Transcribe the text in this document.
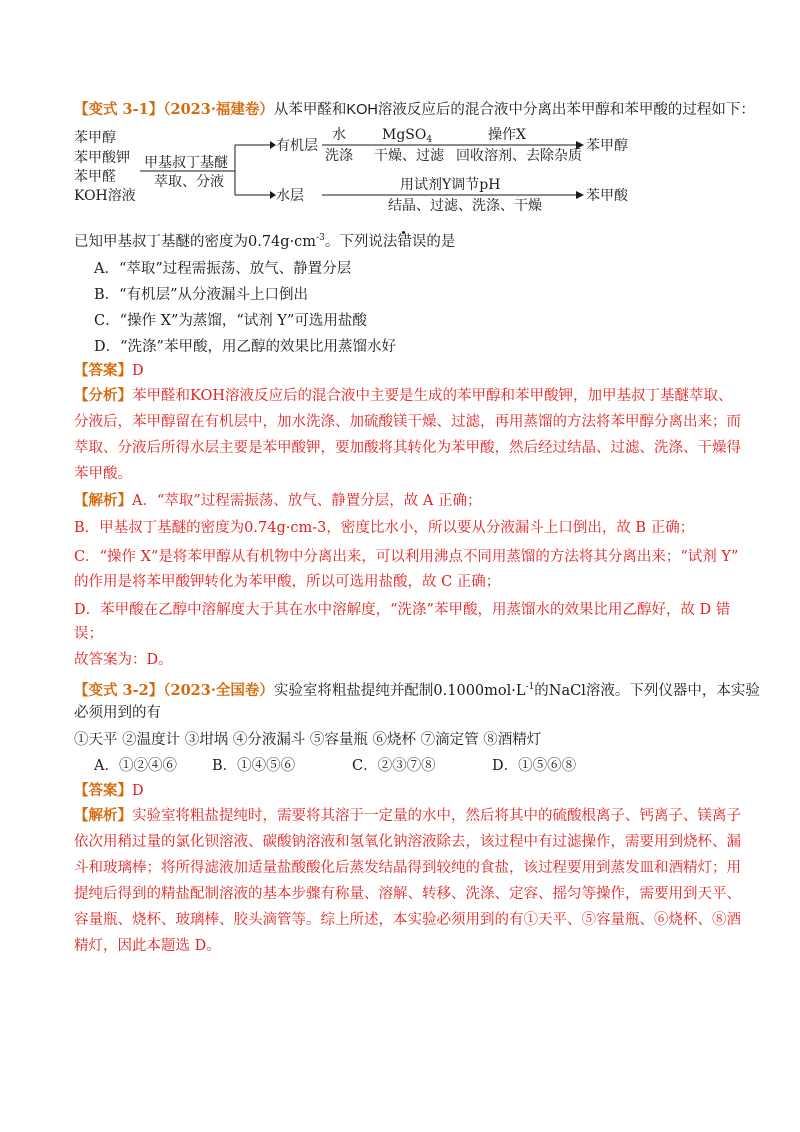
【变式 3-1】（2023·福建卷）从苯甲醛和KOH溶液反应后的混合液中分离出苯甲醇和苯甲酸的过程如下：
苯甲醇
苯甲酸钾
苯甲醛
KOH溶液
甲基叔丁基醚
萃取、分液
有机层
水
洗涤
MgSO$_4$
干燥、过滤
操作X
回收溶剂、去除杂质
苯甲醇
水层
用试剂Y调节pH
结晶、过滤、洗涤、干燥
苯甲酸
已知甲基叔丁基醚的密度为$0.74g\cdot cm^{-3}$。下列说法错误
的是
A．“萃取”过程需振荡、放气、静置分层
B．“有机层”从分液漏斗上口倒出
C．“操作 X”为蒸馏，“试剂 Y”可选用盐酸
D．“洗涤”苯甲酸，用乙醇的效果比用蒸馏水好
【答案】D
【分析】苯甲醛和KOH溶液反应后的混合液中主要是生成的苯甲醇和苯甲酸钾，加甲基叔丁基醚萃取、
分液后，苯甲醇留在有机层中，加水洗涤、加硫酸镁干燥、过滤，再用蒸馏的方法将苯甲醇分离出来；而
萃取、分液后所得水层主要是苯甲酸钾，要加酸将其转化为苯甲酸，然后经过结晶、过滤、洗涤、干燥得
苯甲酸。
【解析】A．“萃取”过程需振荡、放气、静置分层，故 A 正确；
B．甲基叔丁基醚的密度为0.74g·cm-3，密度比水小，所以要从分液漏斗上口倒出，故 B 正确；
C．“操作 X”是将苯甲醇从有机物中分离出来，可以利用沸点不同用蒸馏的方法将其分离出来；“试剂 Y”
的作用是将苯甲酸钾转化为苯甲酸，所以可选用盐酸，故 C 正确；
D．苯甲酸在乙醇中溶解度大于其在水中溶解度，“洗涤”苯甲酸，用蒸馏水的效果比用乙醇好，故 D 错
误；
故答案为：D。
【变式 3-2】（2023·全国卷）实验室将粗盐提纯并配制$0.1000mol\cdot L^{-1}$的NaCl溶液。下列仪器中，本实验
必须用到的有
①天平 ②温度计 ③坩埚 ④分液漏斗 ⑤容量瓶 ⑥烧杯 ⑦滴定管 ⑧酒精灯
A．①②④⑥ B．①④⑤⑥	C．②③⑦⑧	D．①⑤⑥⑧
【答案】D
【解析】实验室将粗盐提纯时，需要将其溶于一定量的水中，然后将其中的硫酸根离子、钙离子、镁离子
依次用稍过量的氯化钡溶液、碳酸钠溶液和氢氧化钠溶液除去，该过程中有过滤操作，需要用到烧杯、漏
斗和玻璃棒；将所得滤液加适量盐酸酸化后蒸发结晶得到较纯的食盐，该过程要用到蒸发皿和酒精灯；用
提纯后得到的精盐配制溶液的基本步骤有称量、溶解、转移、洗涤、定容、摇匀等操作，需要用到天平、
容量瓶、烧杯、玻璃棒、胶头滴管等。综上所述，本实验必须用到的有①天平、⑤容量瓶、⑥烧杯、⑧酒
精灯，因此本题选 D。
